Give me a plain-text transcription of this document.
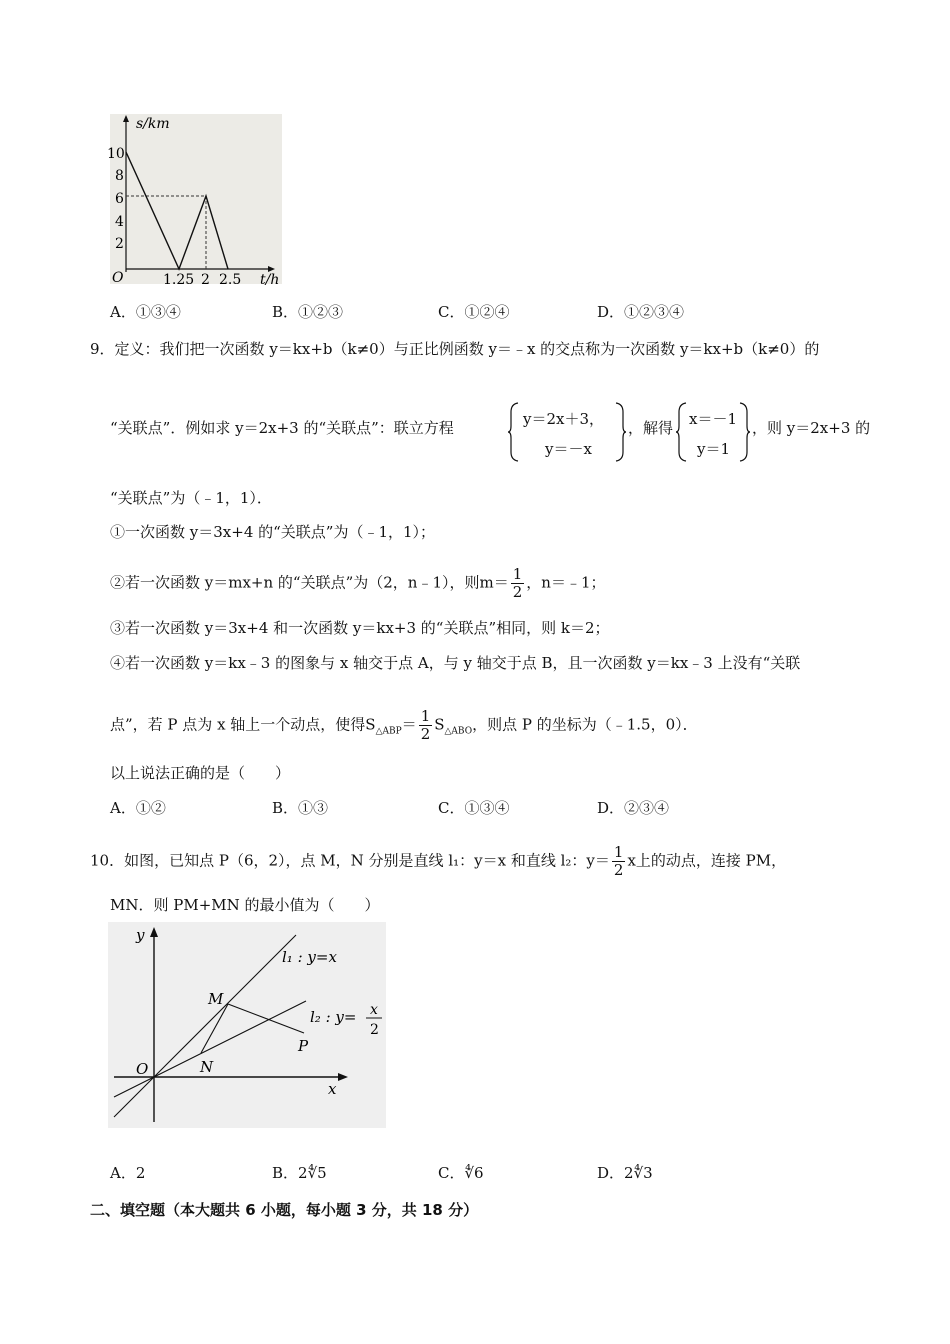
s/km
t/h
O
10
8
6
4
2
1.25 2 2.5
A．①③④	B．①②③	C．①②④	D．①②③④
9．定义：我们把一次函数 y＝kx+b（k≠0）与正比例函数 y＝﹣x 的交点称为一次函数 y＝kx+b（k≠0）的
“关联点”．例如求 y＝2x+3 的“关联点”：联立方程	y＝2x＋3，
y＝－x
，解得 x＝－1
y＝1
，则 y＝2x+3 的
“关联点”为（﹣1，1）．
①一次函数 y＝3x+4 的“关联点”为（﹣1，1）；
②若一次函数 y＝mx+n 的“关联点”为（2，n﹣1），则$m= \frac{1}{2}$ ，n＝﹣1；
③若一次函数 y＝3x+4 和一次函数 y＝kx+3 的“关联点”相同，则 k＝2；
④若一次函数 y＝kx﹣3 的图象与 x 轴交于点 A，与 y 轴交于点 B，且一次函数 y＝kx﹣3 上没有“关联
点”，若 P 点为 x 轴上一个动点，使得$S_{\triangle ABP}= \frac{1}{2} S_{\triangle ABO}$，则点 P 的坐标为（﹣1.5，0）．
以上说法正确的是（　　）
A．①②	B．①③	C．①③④	D．②③④
10．如图，已知点 P（6，2），点 M，N 分别是直线 l₁：y＝x 和直线 l₂：$y= \frac{1}{2}$ x上的动点，连接 PM，
MN．则 PM+MN 的最小值为（　　）
y
x
O
l₁ : y=x
l₂ : y= x
2
M
N
P
A．2	B．2∜5	C．∜6	D．2∜3
二、填空题（本大题共 6 小题，每小题 3 分，共 18 分）
